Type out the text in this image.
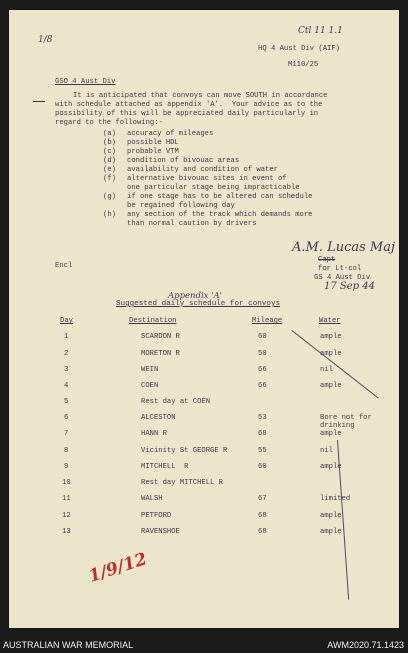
Ctl 11 1.1
1/8
HQ 4 Aust Div (AIF)
M110/25
GSO 4 Aust Div
It is anticipated that convoys can move SOUTH in accordance
with schedule attached as appendix 'A'.  Your advice as to the
possibility of this will be appreciated daily particularly in
regard to the following:-
(a) accuracy of mileages
(b) possible HDL
(c) probable VTM
(d) condition of bivouac areas
(e) availability and condition of water
(f) alternative bivouac sites in event of
one particular stage being impracticable
(g) if one stage has to be altered can schedule
be regained following day
(h) any section of the track which demands more
than normal caution by drivers
A.M. Lucas Maj
Encl
Capt
for Lt-col
GS 4 Aust Div
17 Sep 44
Appendix 'A'
Suggested daily schedule for convoys
Day	Destination	Mileage	Water
1	SCARDON R	60	ample
2	MORETON R	50	ample
3	WEIN	66	nil
4	COEN	66	ample
5	Rest day at COEN
6	ALCESTON	53	Bore not for
drinking
7	HANN R	68	ample
8	Vicinity St GEORGE R	55	nil
9	MITCHELL  R	60	ample
10	Rest day MITCHELL R
11	WALSH	67	limited
12	PETFORD	68	ample
13	RAVENSHOE	68	ample
1/9/12
AUSTRALIAN WAR MEMORIAL	AWM2020.71.1423
